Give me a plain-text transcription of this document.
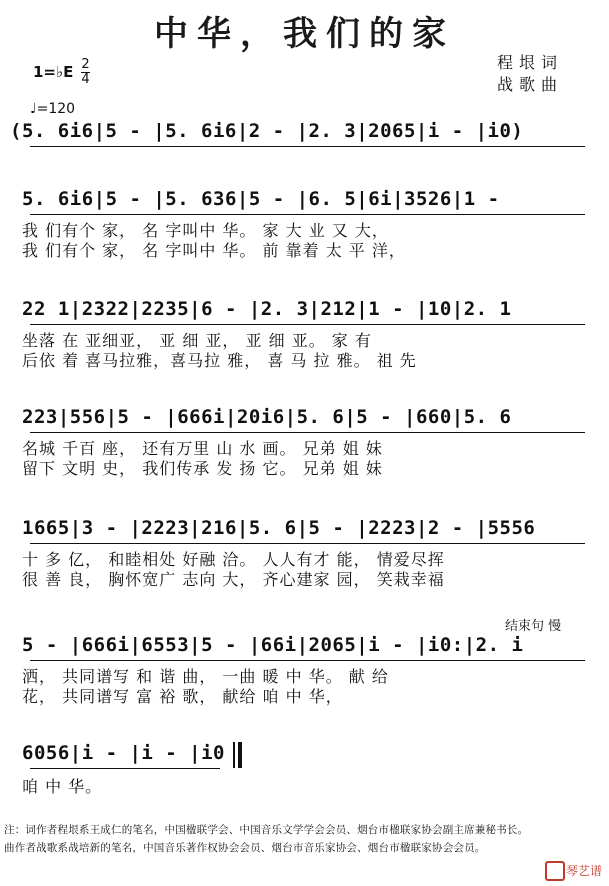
中华，我们的家
程垠词
战歌曲
1=♭E $\frac{2}{4}$
♩=120
(5. 6i6|5 - |5. 6i6|2 - |2. 3|2065|i - |i0)
5. 6i6|5 - |5. 636|5 - |6. 5|6i|3526|1 -
我 们有个 家， 名 字叫中 华。 家 大 业 又 大，
我 们有个 家， 名 字叫中 华。 前 靠着 太 平 洋，
22 1|2322|2235|6 - |2. 3|212|1 - |10|2. 1
坐落 在 亚细亚， 亚 细 亚， 亚 细 亚。 家 有
后依 着 喜马拉雅，喜马拉 雅， 喜 马 拉 雅。 祖 先
223|556|5 - |666i|20i6|5. 6|5 - |660|5. 6
名城 千百 座， 还有万里 山 水 画。 兄弟 姐 妹
留下 文明 史， 我们传承 发 扬 它。 兄弟 姐 妹
1665|3 - |2223|216|5. 6|5 - |2223|2 - |5556
十 多 亿， 和睦相处 好融 洽。 人人有才 能， 情爱尽挥
很 善 良， 胸怀宽广 志向 大， 齐心建家 园， 笑栽幸福
结束句 慢
5 - |666i|6553|5 - |66i|2065|i - |i0:|2. i
洒， 共同谱写 和 谐 曲， 一曲 暖 中 华。 献 给
花， 共同谱写 富 裕 歌， 献给 咱 中 华，
6056|i - |i - |i0
咱 中 华。
注：词作者程垠系王成仁的笔名，中国楹联学会、中国音乐文学学会会员、烟台市楹联家协会副主席兼秘书长。
曲作者战歌系战培新的笔名，中国音乐著作权协会会员、烟台市音乐家协会、烟台市楹联家协会会员。
琴艺谱
